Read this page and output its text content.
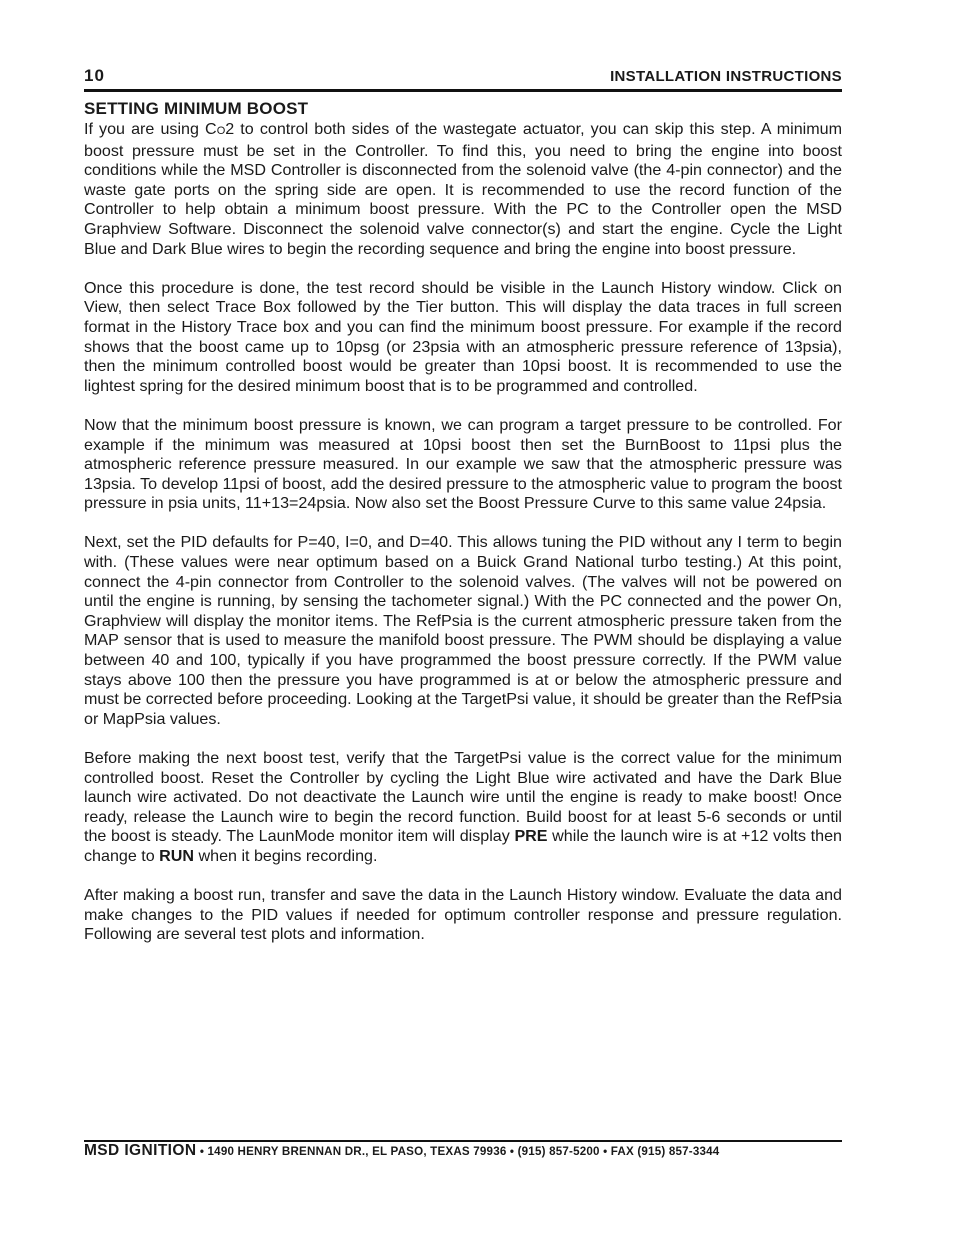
10	INSTALLATION INSTRUCTIONS
SETTING MINIMUM BOOST

If you are using CO2 to control both sides of the wastegate actuator, you can skip this step. A minimum boost pressure must be set in the Controller. To find this, you need to bring the engine into boost conditions while the MSD Controller is disconnected from the solenoid valve (the 4-pin connector) and the waste gate ports on the spring side are open. It is recommended to use the record function of the Controller to help obtain a minimum boost pressure. With the PC to the Controller open the MSD Graphview Software. Disconnect the solenoid valve connector(s) and start the engine. Cycle the Light Blue and Dark Blue wires to begin the recording sequence and bring the engine into boost pressure.

Once this procedure is done, the test record should be visible in the Launch History window. Click on View, then select Trace Box followed by the Tier button. This will display the data traces in full screen format in the History Trace box and you can find the minimum boost pressure. For example if the record shows that the boost came up to 10psg (or 23psia with an atmospheric pressure reference of 13psia), then the minimum controlled boost would be greater than 10psi boost. It is recommended to use the lightest spring for the desired minimum boost that is to be programmed and controlled.

Now that the minimum boost pressure is known, we can program a target pressure to be controlled. For example if the minimum was measured at 10psi boost then set the BurnBoost to 11psi plus the atmospheric reference pressure measured. In our example we saw that the atmospheric pressure was 13psia. To develop 11psi of boost, add the desired pressure to the atmospheric value to program the boost pressure in psia units, 11+13=24psia. Now also set the Boost Pressure Curve to this same value 24psia.

Next, set the PID defaults for P=40, I=0, and D=40. This allows tuning the PID without any I term to begin with. (These values were near optimum based on a Buick Grand National turbo testing.) At this point, connect the 4-pin connector from Controller to the solenoid valves. (The valves will not be powered on until the engine is running, by sensing the tachometer signal.) With the PC connected and the power On, Graphview will display the monitor items. The RefPsia is the current atmospheric pressure taken from the MAP sensor that is used to measure the manifold boost pressure. The PWM should be displaying a value between 40 and 100, typically if you have programmed the boost pressure correctly. If the PWM value stays above 100 then the pressure you have programmed is at or below the atmospheric pressure and must be corrected before proceeding. Looking at the TargetPsi value, it should be greater than the RefPsia or MapPsia values.

Before making the next boost test, verify that the TargetPsi value is the correct value for the minimum controlled boost. Reset the Controller by cycling the Light Blue wire activated and have the Dark Blue launch wire activated. Do not deactivate the Launch wire until the engine is ready to make boost! Once ready, release the Launch wire to begin the record function. Build boost for at least 5-6 seconds or until the boost is steady. The LaunMode monitor item will display PRE while the launch wire is at +12 volts then change to RUN when it begins recording.

After making a boost run, transfer and save the data in the Launch History window. Evaluate the data and make changes to the PID values if needed for optimum controller response and pressure regulation. Following are several test plots and information.

MSD IGNITION • 1490 HENRY BRENNAN DR., EL PASO, TEXAS 79936 • (915) 857-5200 • FAX (915) 857-3344
